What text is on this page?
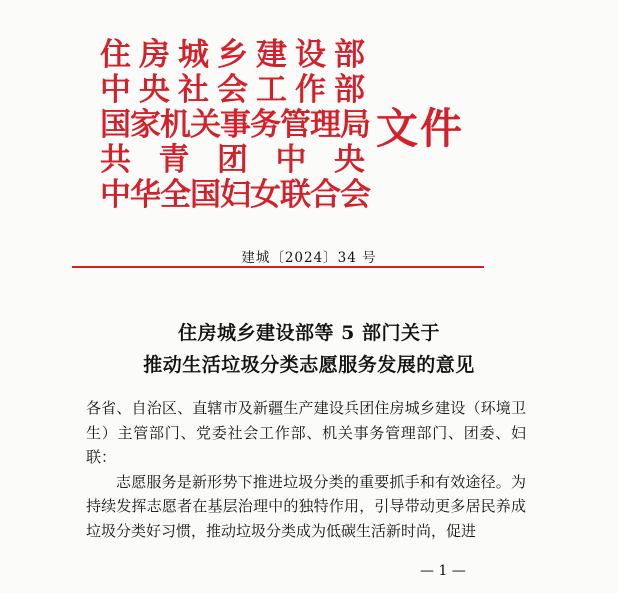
住 房 城 乡 建 设 部
中 央 社 会 工 作 部
国家机关事务管理局
共 青 团 中 央
中华全国妇女联合会
文件
建城〔2024〕34 号
住房城乡建设部等 5 部门关于
推动生活垃圾分类志愿服务发展的意见

各省、自治区、直辖市及新疆生产建设兵团住房城乡建设（环境卫生）主管部门、党委社会工作部、机关事务管理部门、团委、妇联：

志愿服务是新形势下推进垃圾分类的重要抓手和有效途径。为持续发挥志愿者在基层治理中的独特作用，引导带动更多居民养成垃圾分类好习惯，推动垃圾分类成为低碳生活新时尚，促进

— 1 —
